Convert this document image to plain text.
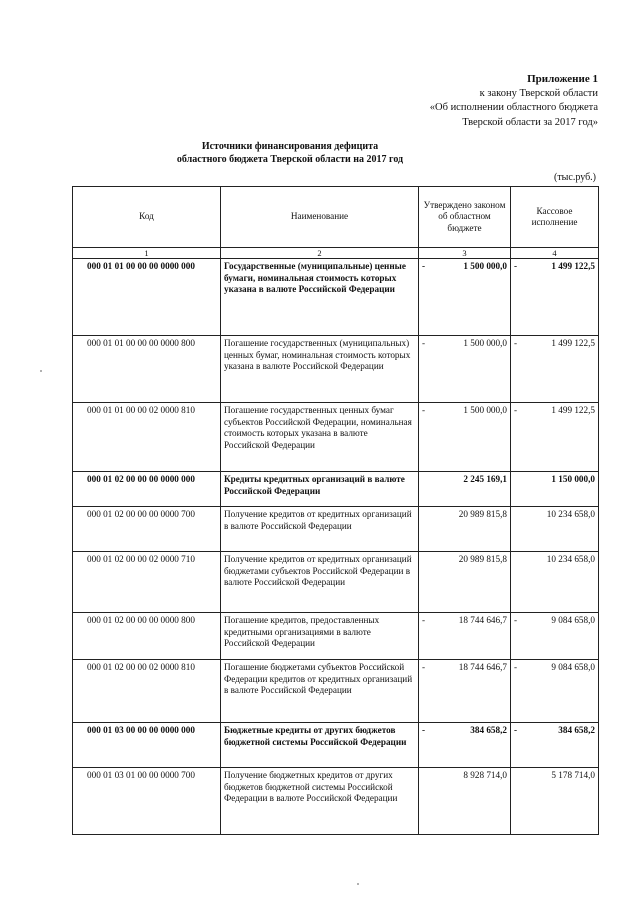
Приложение 1
к закону Тверской области
«Об исполнении областного бюджета
Тверской области за 2017 год»
Источники финансирования дефицита
областного бюджета Тверской области на 2017 год
(тыс.руб.)
Код	Наименование	Утверждено законом об областном бюджете	Кассовое исполнение
1	2	3	4
000 01 01 00 00 00 0000 000	Государственные (муниципальные) ценные бумаги, номинальная стоимость которых указана в валюте Российской Федерации	- 1 500 000,0	- 1 499 122,5
000 01 01 00 00 00 0000 800	Погашение государственных (муниципальных) ценных бумаг, номинальная стоимость которых указана в валюте Российской Федерации	- 1 500 000,0	- 1 499 122,5
000 01 01 00 00 02 0000 810	Погашение государственных ценных бумаг субъектов Российской Федерации, номинальная стоимость которых указана в валюте Российской Федерации	- 1 500 000,0	- 1 499 122,5
000 01 02 00 00 00 0000 000	Кредиты кредитных организаций в валюте Российской Федерации	2 245 169,1	1 150 000,0
000 01 02 00 00 00 0000 700	Получение кредитов от кредитных организаций в валюте Российской Федерации	20 989 815,8	10 234 658,0
000 01 02 00 00 02 0000 710	Получение кредитов от кредитных организаций бюджетами субъектов Российской Федерации в валюте Российской Федерации	20 989 815,8	10 234 658,0
000 01 02 00 00 00 0000 800	Погашение кредитов, предоставленных кредитными организациями в валюте Российской Федерации	- 18 744 646,7	- 9 084 658,0
000 01 02 00 00 02 0000 810	Погашение бюджетами субъектов Российской Федерации кредитов от кредитных организаций в валюте Российской Федерации	- 18 744 646,7	- 9 084 658,0
000 01 03 00 00 00 0000 000	Бюджетные кредиты от других бюджетов бюджетной системы Российской Федерации	- 384 658,2	- 384 658,2
000 01 03 01 00 00 0000 700	Получение бюджетных кредитов от других бюджетов бюджетной системы Российской Федерации в валюте Российской Федерации	8 928 714,0	5 178 714,0
